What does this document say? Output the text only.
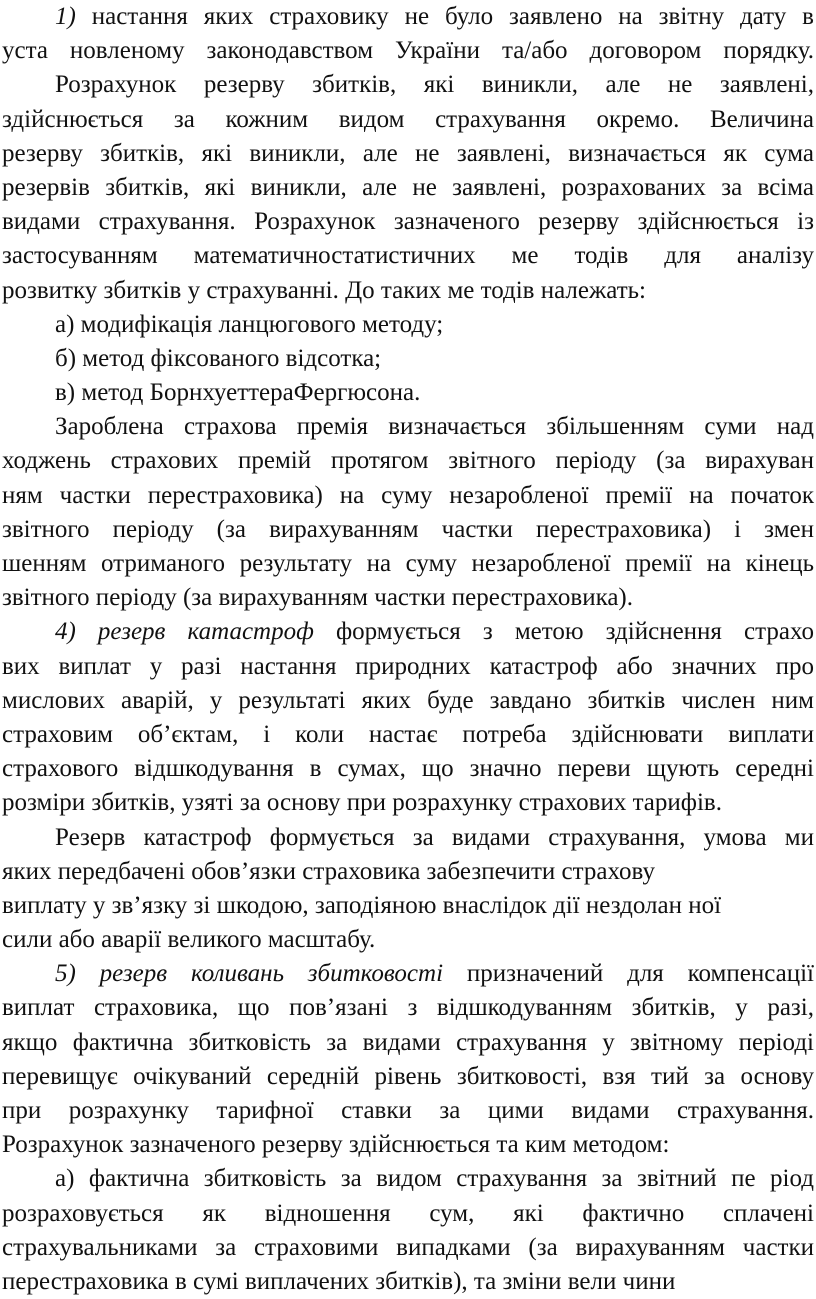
1) настання яких страховику не було заявлено на звітну дату в
уста новленому законодавством України та/або договором порядку.
Розрахунок резерву збитків, які виникли, але не заявлені,
здійснюється за кожним видом страхування окремо. Величина
резерву збитків, які виникли, але не заявлені, визначається як сума
резервів збитків, які виникли, але не заявлені, розрахованих за всіма
видами страхування. Розрахунок зазначеного резерву здійснюється із
застосуванням математичностатистичних ме тодів для аналізу
розвитку збитків у страхуванні. До таких ме тодів належать:
а) модифікація ланцюгового методу;
б) метод фіксованого відсотка;
в) метод БорнхуеттераФергюсона.
Зароблена страхова премія визначається збільшенням суми над
ходжень страхових премій протягом звітного періоду (за вирахуван
ням частки перестраховика) на суму незаробленої премії на початок
звітного періоду (за вирахуванням частки перестраховика) і змен
шенням отриманого результату на суму незаробленої премії на кінець
звітного періоду (за вирахуванням частки перестраховика).
4) резерв катастроф формується з метою здійснення страхо
вих виплат у разі настання природних катастроф або значних про
мислових аварій, у результаті яких буде завдано збитків числен ним
страховим об’єктам, і коли настає потреба здійснювати виплати
страхового відшкодування в сумах, що значно переви щують середні
розміри збитків, узяті за основу при розрахунку страхових тарифів.
Резерв катастроф формується за видами страхування, умова ми
яких передбачені обов’язки страховика забезпечити страхову
виплату у зв’язку зі шкодою, заподіяною внаслідок дії нездолан ної
сили або аварії великого масштабу.
5) резерв коливань збитковості призначений для компенсації
виплат страховика, що пов’язані з відшкодуванням збитків, у разі,
якщо фактична збитковість за видами страхування у звітному періоді
перевищує очікуваний середній рівень збитковості, взя тий за основу
при розрахунку тарифної ставки за цими видами страхування.
Розрахунок зазначеного резерву здійснюється та ким методом:
а) фактична збитковість за видом страхування за звітний пе ріод
розраховується як відношення сум, які фактично сплачені
страхувальниками за страховими випадками (за вирахуванням частки
перестраховика в сумі виплачених збитків), та зміни вели чини
